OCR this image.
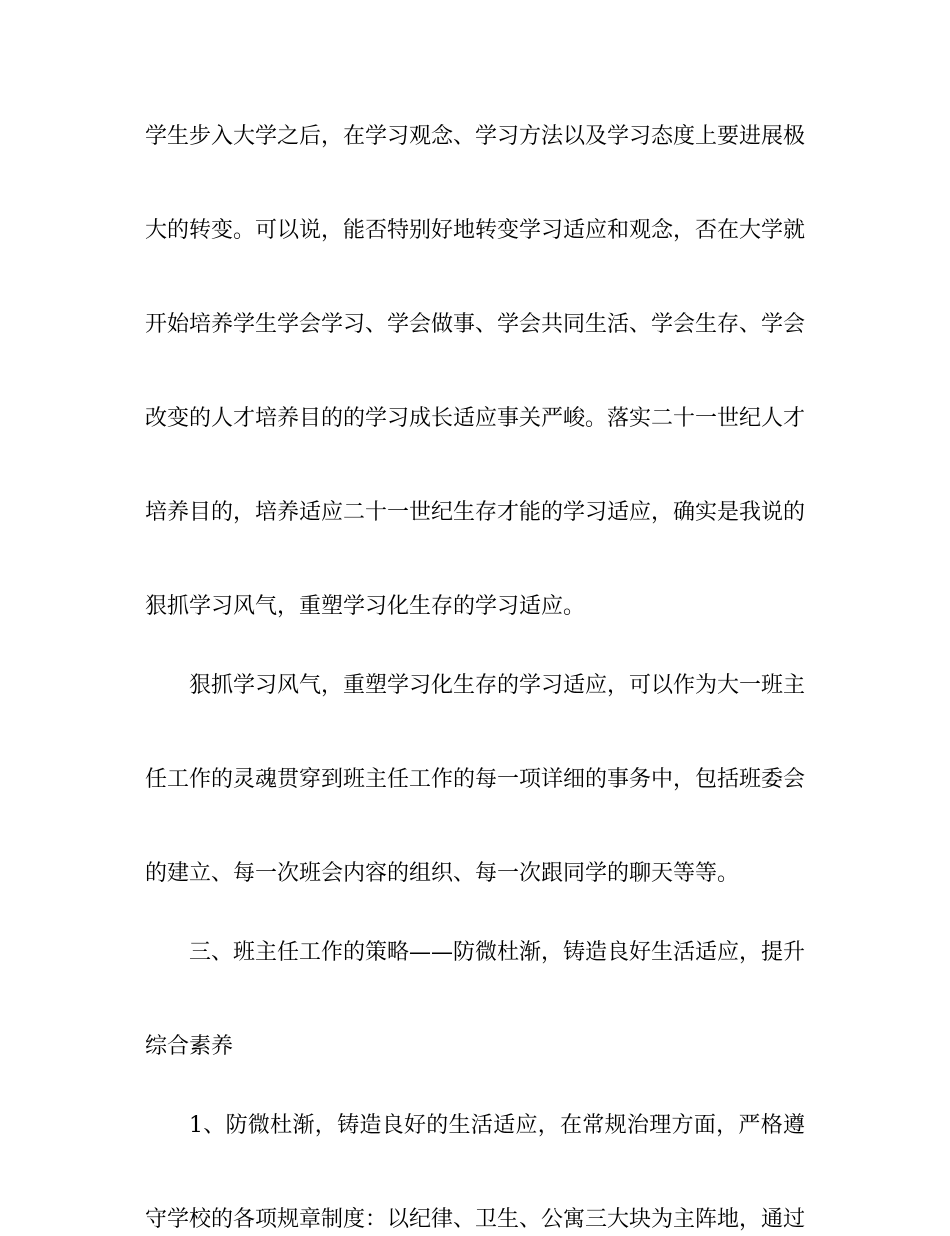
学生步入大学之后，在学习观念、学习方法以及学习态度上要进展极
大的转变。可以说，能否特别好地转变学习适应和观念，否在大学就
开始培养学生学会学习、学会做事、学会共同生活、学会生存、学会
改变的人才培养目的的学习成长适应事关严峻。落实二十一世纪人才
培养目的，培养适应二十一世纪生存才能的学习适应，确实是我说的
狠抓学习风气，重塑学习化生存的学习适应。
狠抓学习风气，重塑学习化生存的学习适应，可以作为大一班主
任工作的灵魂贯穿到班主任工作的每一项详细的事务中，包括班委会
的建立、每一次班会内容的组织、每一次跟同学的聊天等等。
三、班主任工作的策略——防微杜渐，铸造良好生活适应，提升
综合素养
1、防微杜渐，铸造良好的生活适应，在常规治理方面，严格遵
守学校的各项规章制度：以纪律、卫生、公寓三大块为主阵地，通过
